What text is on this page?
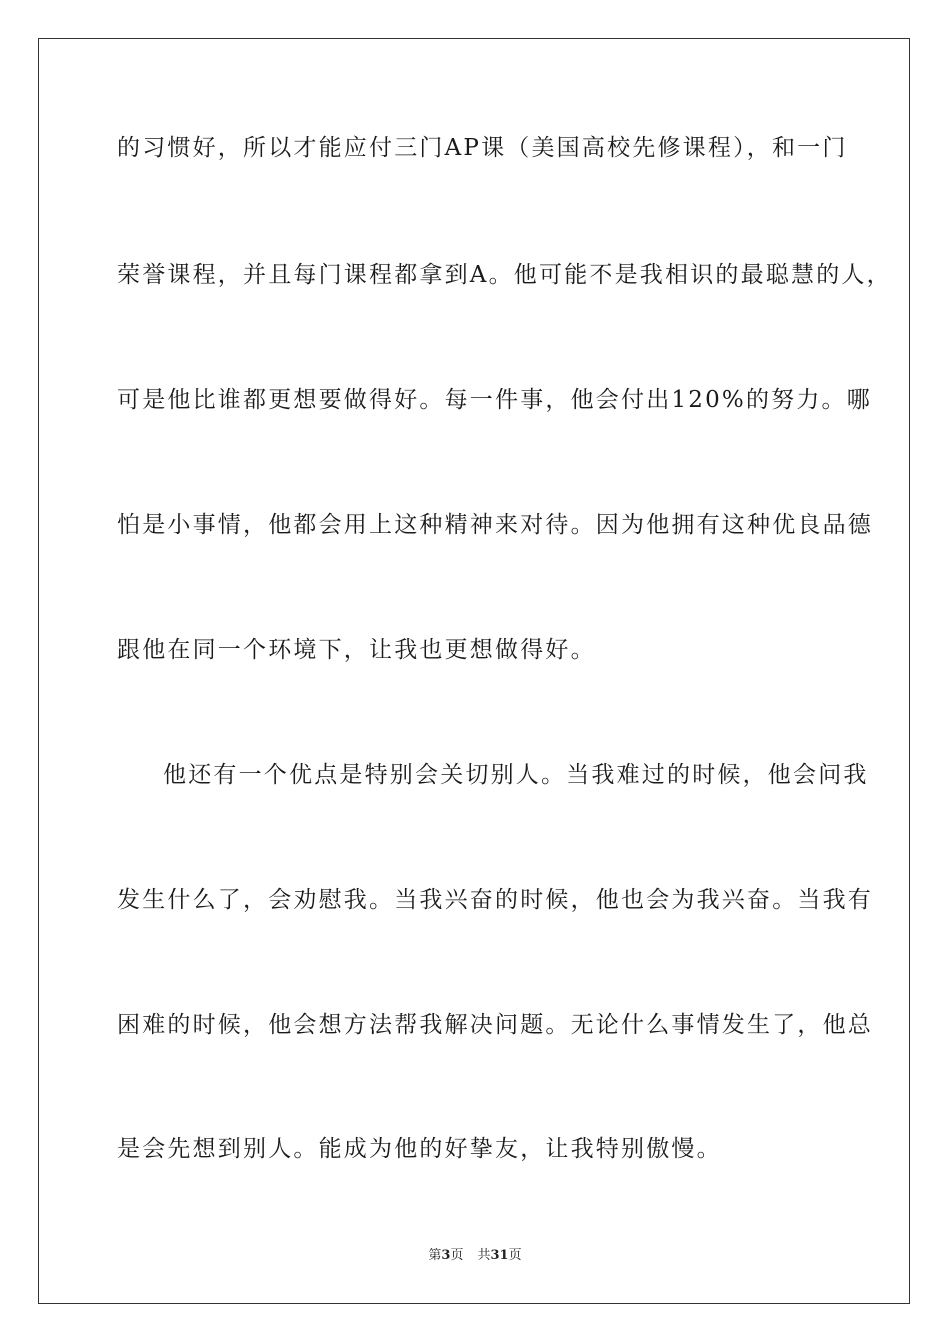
的习惯好，所以才能应付三门AP课（美国高校先修课程），和一门
荣誉课程，并且每门课程都拿到A。他可能不是我相识的最聪慧的人，
可是他比谁都更想要做得好。每一件事，他会付出120%的努力。哪
怕是小事情，他都会用上这种精神来对待。因为他拥有这种优良品德
跟他在同一个环境下，让我也更想做得好。
他还有一个优点是特别会关切别人。当我难过的时候，他会问我
发生什么了，会劝慰我。当我兴奋的时候，他也会为我兴奋。当我有
困难的时候，他会想方法帮我解决问题。无论什么事情发生了，他总
是会先想到别人。能成为他的好挚友，让我特别傲慢。
第3页 共31页
